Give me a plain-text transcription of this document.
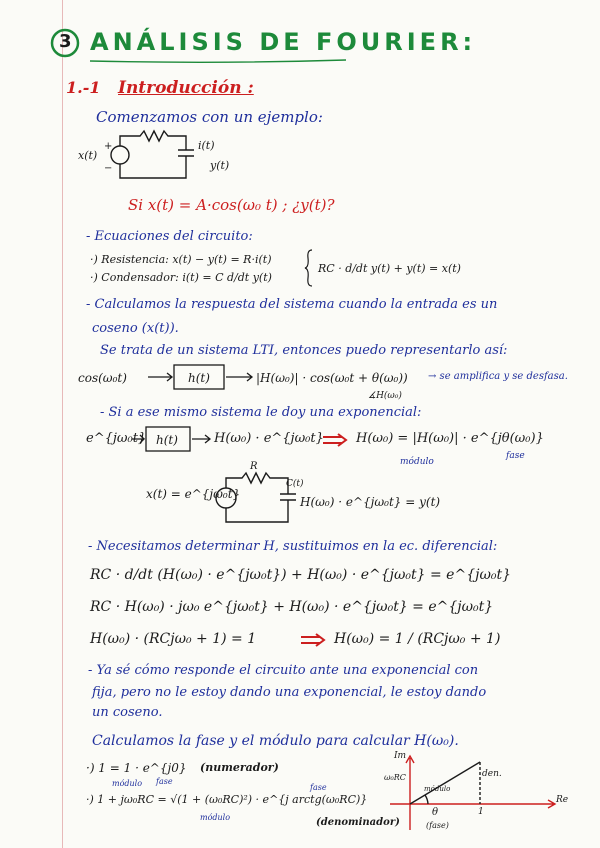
3 ANÁLISIS DE FOURIER:
1.-1 Introducción :
Comenzamos con un ejemplo:
x(t)
+
−
i(t)
y(t)
Si x(t) = A·cos(ω₀ t) ; ¿y(t)?
- Ecuaciones del circuito:
·) Resistencia: x(t) − y(t) = R·i(t)
·) Condensador: i(t) = C d/dt y(t)
RC · d/dt y(t) + y(t) = x(t)
- Calculamos la respuesta del sistema cuando la entrada es un
coseno (x(t)).
Se trata de un sistema LTI, entonces puedo representarlo así:
cos(ω₀t)	h(t)	|H(ω₀)| · cos(ω₀t + θ(ω₀)) → se amplifica y se desfasa.
∡H(ω₀)
- Si a ese mismo sistema le doy una exponencial:
e^{jω₀t} h(t)	H(ω₀) · e^{jω₀t} H(ω₀) = |H(ω₀)| · e^{jθ(ω₀)}
módulo
fase
x(t) = e^{jω₀t}
R
C(t)
H(ω₀) · e^{jω₀t} = y(t)
- Necesitamos determinar H, sustituimos en la ec. diferencial:
RC · d/dt (H(ω₀) · e^{jω₀t}) + H(ω₀) · e^{jω₀t} = e^{jω₀t}
RC · H(ω₀) · jω₀ e^{jω₀t} + H(ω₀) · e^{jω₀t} = e^{jω₀t}
H(ω₀) · (RCjω₀ + 1) = 1	H(ω₀) = 1 / (RCjω₀ + 1)
- Ya sé cómo responde el circuito ante una exponencial con
fija, pero no le estoy dando una exponencial, le estoy dando
un coseno.
Calculamos la fase y el módulo para calcular H(ω₀).
·) 1 = 1 · e^{j0} (numerador)
módulo fase
·) 1 + jω₀RC = √(1 + (ω₀RC)²) · e^{j arctg(ω₀RC)}
módulo
fase
(denominador)
Im
ω₀RC	den.
módulo
θ
(fase)
1
Re
